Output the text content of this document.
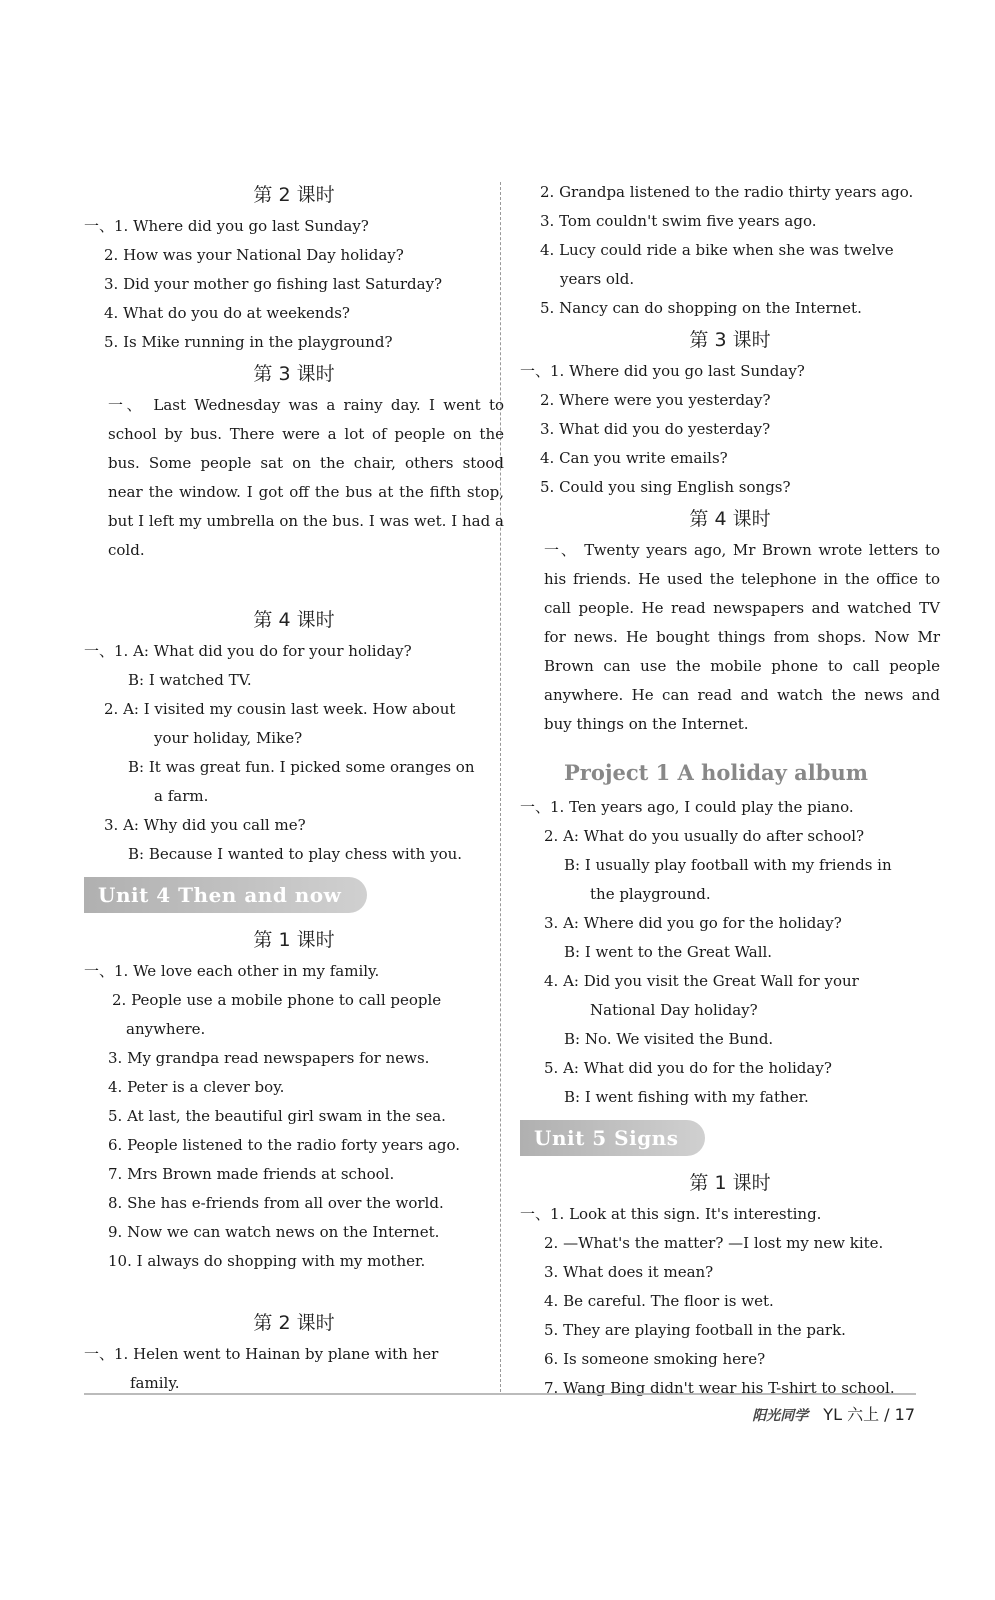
第 2 课时
一、1. Where did you go last Sunday?
2. How was your National Day holiday?
3. Did your mother go fishing last Saturday?
4. What do you do at weekends?
5. Is Mike running in the playground?
第 3 课时
一、 Last Wednesday was a rainy day. I went to school by bus. There were a lot of people on the bus. Some people sat on the chair, others stood near the window. I got off the bus at the fifth stop, but I left my umbrella on the bus. I was wet. I had a cold.
第 4 课时
一、1. A: What did you do for your holiday?
B: I watched TV.
2. A: I visited my cousin last week. How about
your holiday, Mike?
B: It was great fun. I picked some oranges on
a farm.
3. A: Why did you call me?
B: Because I wanted to play chess with you.
Unit 4 Then and now
第 1 课时
一、1. We love each other in my family.
2. People use a mobile phone to call people
anywhere.
3. My grandpa read newspapers for news.
4. Peter is a clever boy.
5. At last, the beautiful girl swam in the sea.
6. People listened to the radio forty years ago.
7. Mrs Brown made friends at school.
8. She has e-friends from all over the world.
9. Now we can watch news on the Internet.
10. I always do shopping with my mother.
第 2 课时
一、1. Helen went to Hainan by plane with her
family.
2. Grandpa listened to the radio thirty years ago.
3. Tom couldn't swim five years ago.
4. Lucy could ride a bike when she was twelve
years old.
5. Nancy can do shopping on the Internet.
第 3 课时
一、1. Where did you go last Sunday?
2. Where were you yesterday?
3. What did you do yesterday?
4. Can you write emails?
5. Could you sing English songs?
第 4 课时
一、 Twenty years ago, Mr Brown wrote letters to his friends. He used the telephone in the office to call people. He read newspapers and watched TV for news. He bought things from shops. Now Mr Brown can use the mobile phone to call people anywhere. He can read and watch the news and buy things on the Internet.
Project 1 A holiday album
一、1. Ten years ago, I could play the piano.
2. A: What do you usually do after school?
B: I usually play football with my friends in
the playground.
3. A: Where did you go for the holiday?
B: I went to the Great Wall.
4. A: Did you visit the Great Wall for your
National Day holiday?
B: No. We visited the Bund.
5. A: What did you do for the holiday?
B: I went fishing with my father.
Unit 5 Signs
第 1 课时
一、1. Look at this sign. It's interesting.
2. —What's the matter? —I lost my new kite.
3. What does it mean?
4. Be careful. The floor is wet.
5. They are playing football in the park.
6. Is someone smoking here?
7. Wang Bing didn't wear his T-shirt to school.
阳光同学 YL 六上 / 17
